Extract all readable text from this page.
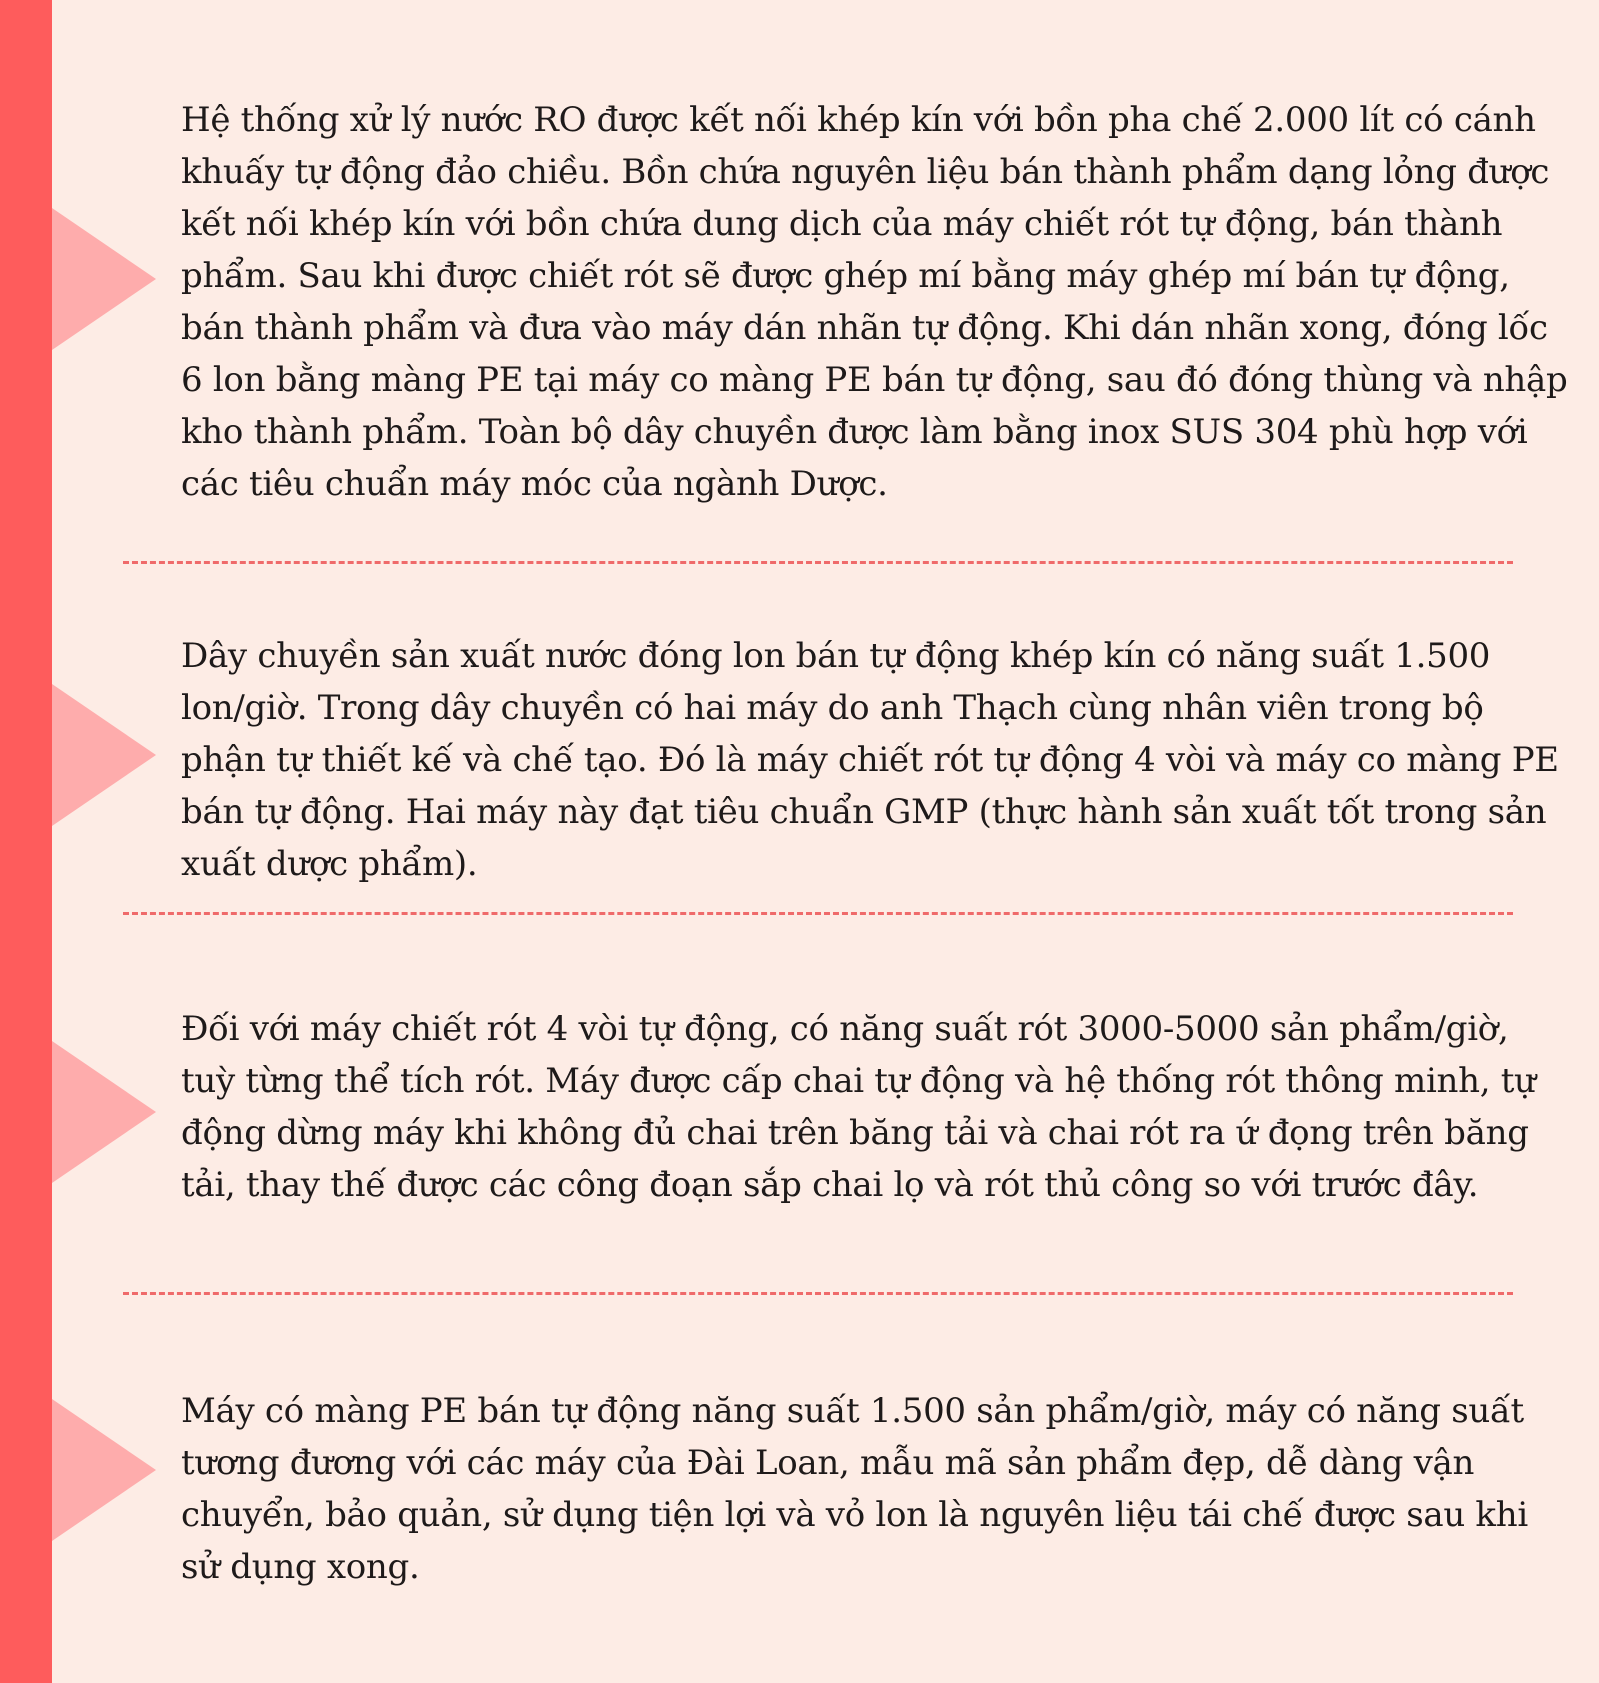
Hệ thống xử lý nước RO được kết nối khép kín với bồn pha chế 2.000 lít có cánh khuấy tự động đảo chiều. Bồn chứa nguyên liệu bán thành phẩm dạng lỏng được kết nối khép kín với bồn chứa dung dịch của máy chiết rót tự động, bán thành phẩm. Sau khi được chiết rót sẽ được ghép mí bằng máy ghép mí bán tự động, bán thành phẩm và đưa vào máy dán nhãn tự động. Khi dán nhãn xong, đóng lốc 6 lon bằng màng PE tại máy co màng PE bán tự động, sau đó đóng thùng và nhập kho thành phẩm. Toàn bộ dây chuyền được làm bằng inox SUS 304 phù hợp với các tiêu chuẩn máy móc của ngành Dược.

Dây chuyền sản xuất nước đóng lon bán tự động khép kín có năng suất 1.500 lon/giờ. Trong dây chuyền có hai máy do anh Thạch cùng nhân viên trong bộ phận tự thiết kế và chế tạo. Đó là máy chiết rót tự động 4 vòi và máy co màng PE bán tự động. Hai máy này đạt tiêu chuẩn GMP (thực hành sản xuất tốt trong sản xuất dược phẩm).

Đối với máy chiết rót 4 vòi tự động, có năng suất rót 3000-5000 sản phẩm/giờ, tuỳ từng thể tích rót. Máy được cấp chai tự động và hệ thống rót thông minh, tự động dừng máy khi không đủ chai trên băng tải và chai rót ra ứ đọng trên băng tải, thay thế được các công đoạn sắp chai lọ và rót thủ công so với trước đây.

Máy có màng PE bán tự động năng suất 1.500 sản phẩm/giờ, máy có năng suất tương đương với các máy của Đài Loan, mẫu mã sản phẩm đẹp, dễ dàng vận chuyển, bảo quản, sử dụng tiện lợi và vỏ lon là nguyên liệu tái chế được sau khi sử dụng xong.
